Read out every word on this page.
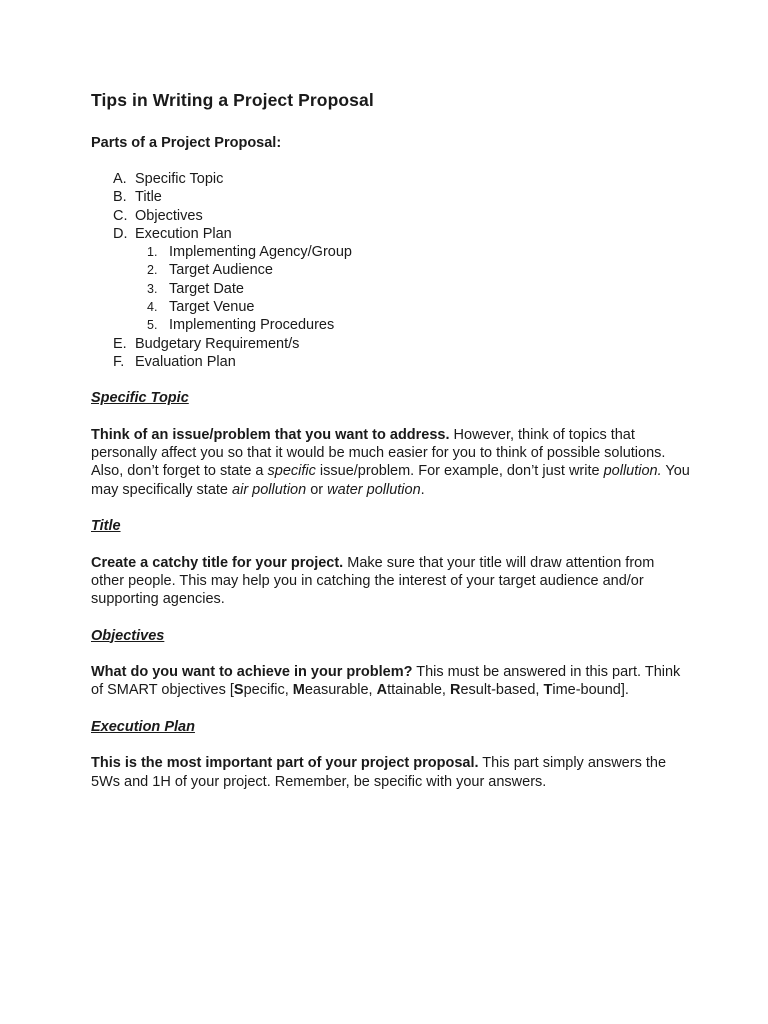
Tips in Writing a Project Proposal
Parts of a Project Proposal:
A. Specific Topic
B. Title
C. Objectives
D. Execution Plan
1. Implementing Agency/Group
2. Target Audience
3. Target Date
4. Target Venue
5. Implementing Procedures
E. Budgetary Requirement/s
F. Evaluation Plan
Specific Topic

Think of an issue/problem that you want to address. However, think of topics that personally affect you so that it would be much easier for you to think of possible solutions. Also, don’t forget to state a specific issue/problem. For example, don’t just write pollution. You may specifically state air pollution or water pollution.

Title

Create a catchy title for your project. Make sure that your title will draw attention from other people. This may help you in catching the interest of your target audience and/or supporting agencies.

Objectives

What do you want to achieve in your problem? This must be answered in this part. Think of SMART objectives [Specific, Measurable, Attainable, Result-based, Time-bound].

Execution Plan

This is the most important part of your project proposal. This part simply answers the 5Ws and 1H of your project. Remember, be specific with your answers.
